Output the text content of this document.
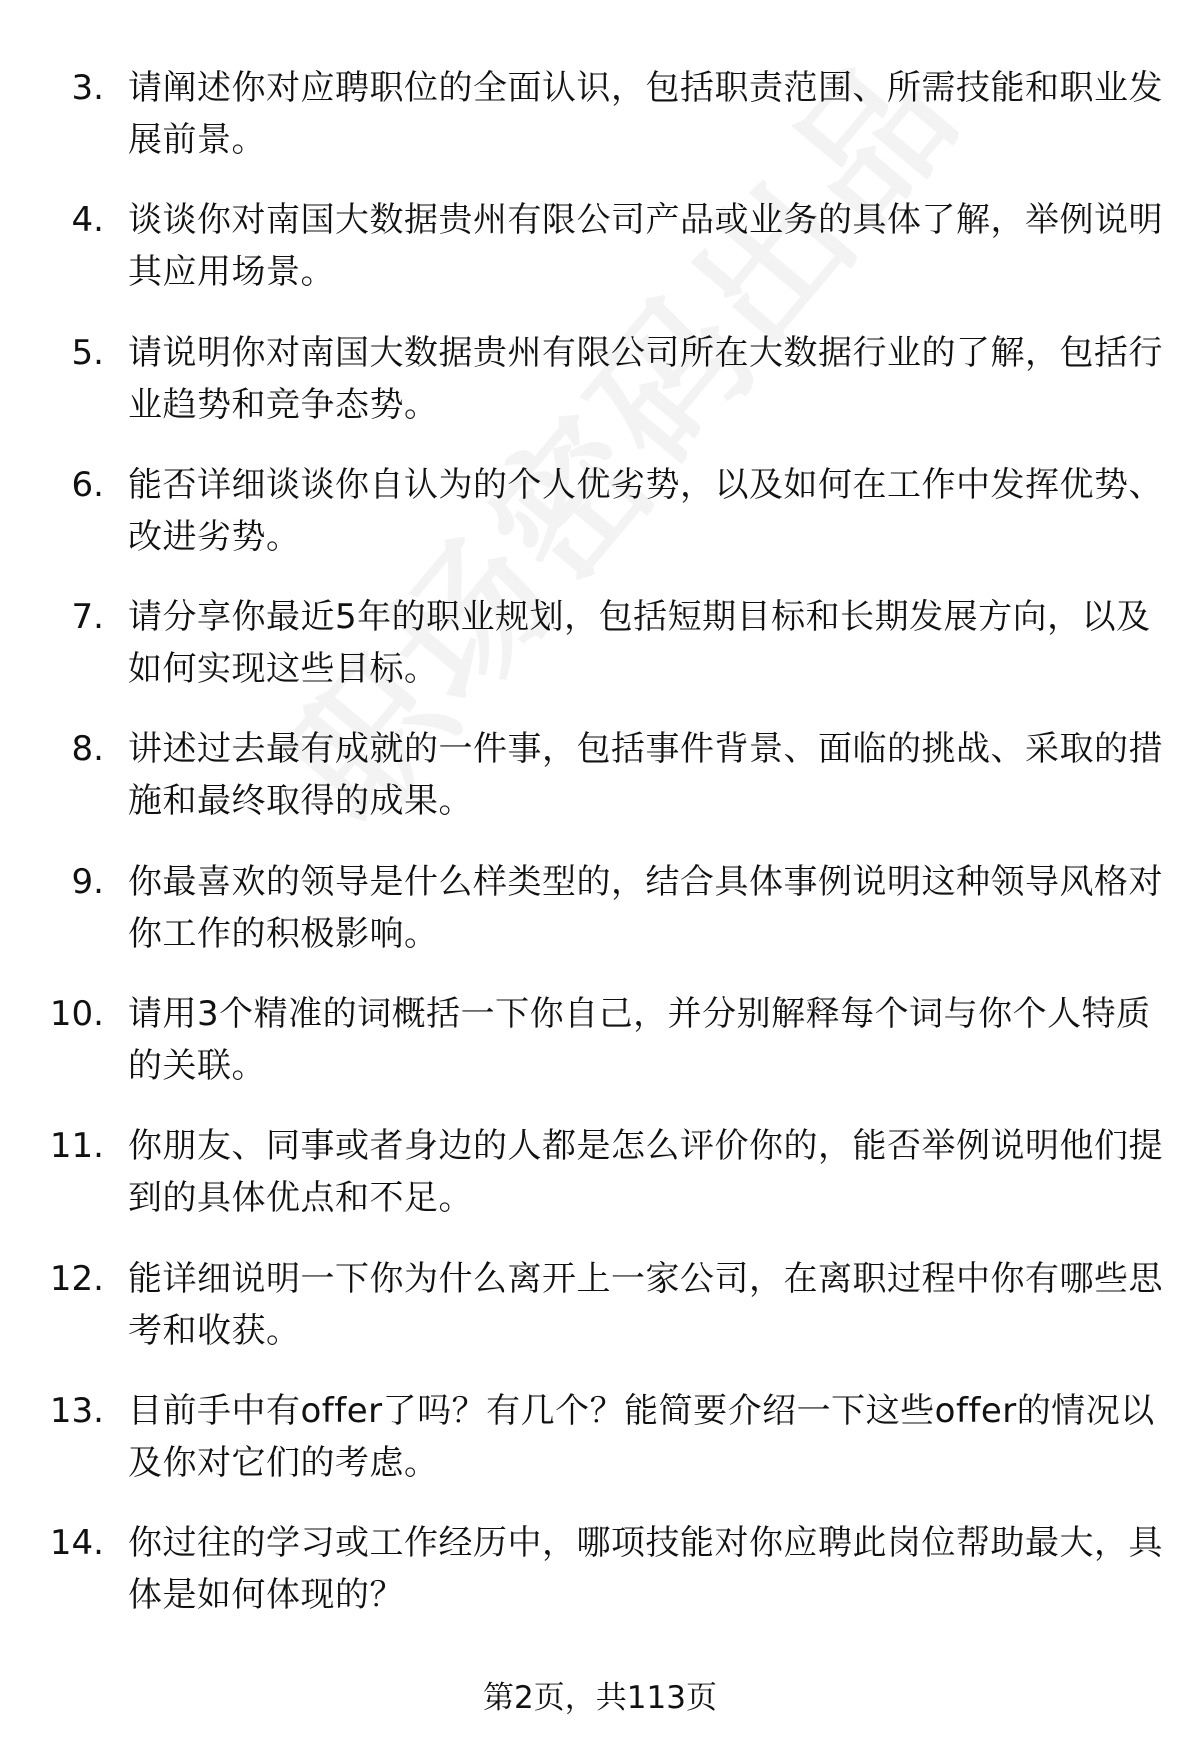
3. 请阐述你对应聘职位的全面认识，包括职责范围、所需技能和职业发展前景。
4. 谈谈你对南国大数据贵州有限公司产品或业务的具体了解，举例说明其应用场景。
5. 请说明你对南国大数据贵州有限公司所在大数据行业的了解，包括行业趋势和竞争态势。
6. 能否详细谈谈你自认为的个人优劣势，以及如何在工作中发挥优势、改进劣势。
7. 请分享你最近5年的职业规划，包括短期目标和长期发展方向，以及如何实现这些目标。
8. 讲述过去最有成就的一件事，包括事件背景、面临的挑战、采取的措施和最终取得的成果。
9. 你最喜欢的领导是什么样类型的，结合具体事例说明这种领导风格对你工作的积极影响。
10. 请用3个精准的词概括一下你自己，并分别解释每个词与你个人特质的关联。
11. 你朋友、同事或者身边的人都是怎么评价你的，能否举例说明他们提到的具体优点和不足。
12. 能详细说明一下你为什么离开上一家公司，在离职过程中你有哪些思考和收获。
13. 目前手中有offer了吗？有几个？能简要介绍一下这些offer的情况以及你对它们的考虑。
14. 你过往的学习或工作经历中，哪项技能对你应聘此岗位帮助最大，具体是如何体现的？
第2页，共113页
